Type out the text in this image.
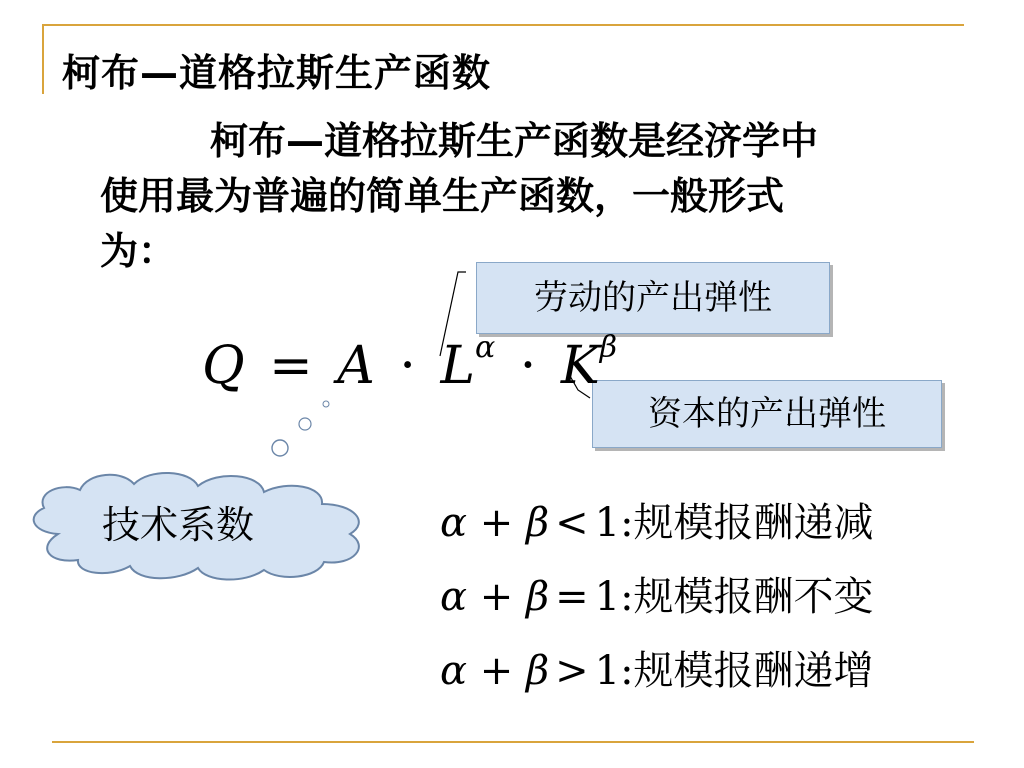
柯布—道格拉斯生产函数
柯布—道格拉斯生产函数是经济学中
使用最为普遍的简单生产函数，一般形式
为：
劳动的产出弹性
资本的产出弹性
$Q = A \cdot L^\alpha \cdot K^\beta$
技术系数	α + β < 1:规模报酬递减
α + β = 1:规模报酬不变
α + β > 1:规模报酬递增
